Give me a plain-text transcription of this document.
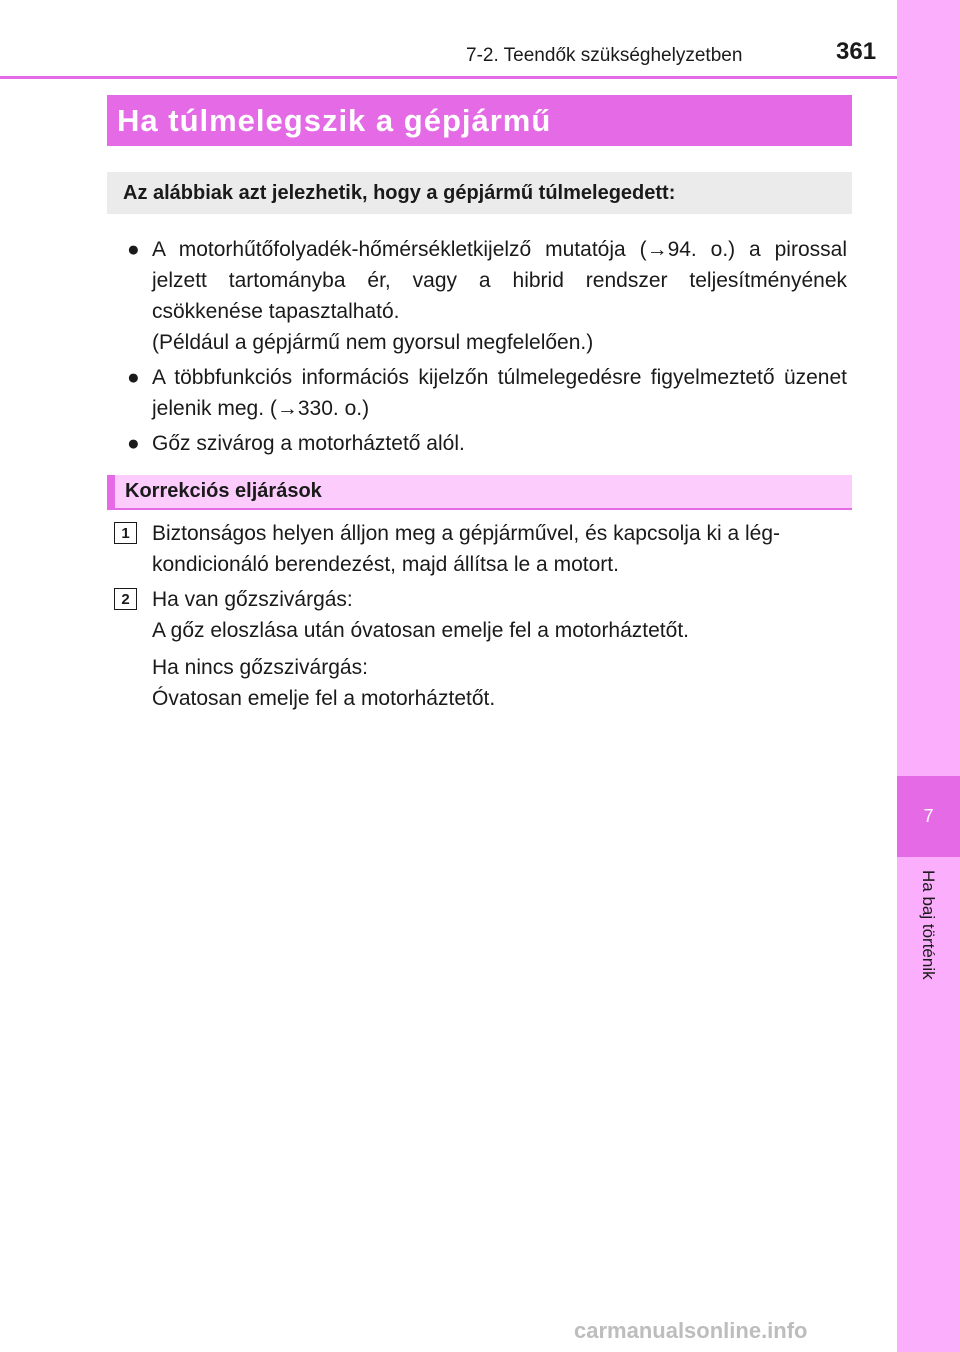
7-2. Teendők szükséghelyzetben	361
7
Ha baj történik
Ha túlmelegszik a gépjármű
Az alábbiak azt jelezhetik, hogy a gépjármű túlmelegedett:
● A motorhűtőfolyadék-hőmérsékletkijelző mutatója (→94. o.) a pirossal jelzett tartományba ér, vagy a hibrid rendszer teljesítményének csökkenése tapasztalható.
(Például a gépjármű nem gyorsul megfelelően.)
● A többfunkciós információs kijelzőn túlmelegedésre figyelmeztető üzenet jelenik meg. (→330. o.)
● Gőz szivárog a motorháztető alól.
Korrekciós eljárások
1	Biztonságos helyen álljon meg a gépjárművel, és kapcsolja ki a légkondicionáló berendezést, majd állítsa le a motort.

2	Ha van gőzszivárgás:

A gőz eloszlása után óvatosan emelje fel a motorháztetőt.

Ha nincs gőzszivárgás:

Óvatosan emelje fel a motorháztetőt.

carmanualsonline.info
